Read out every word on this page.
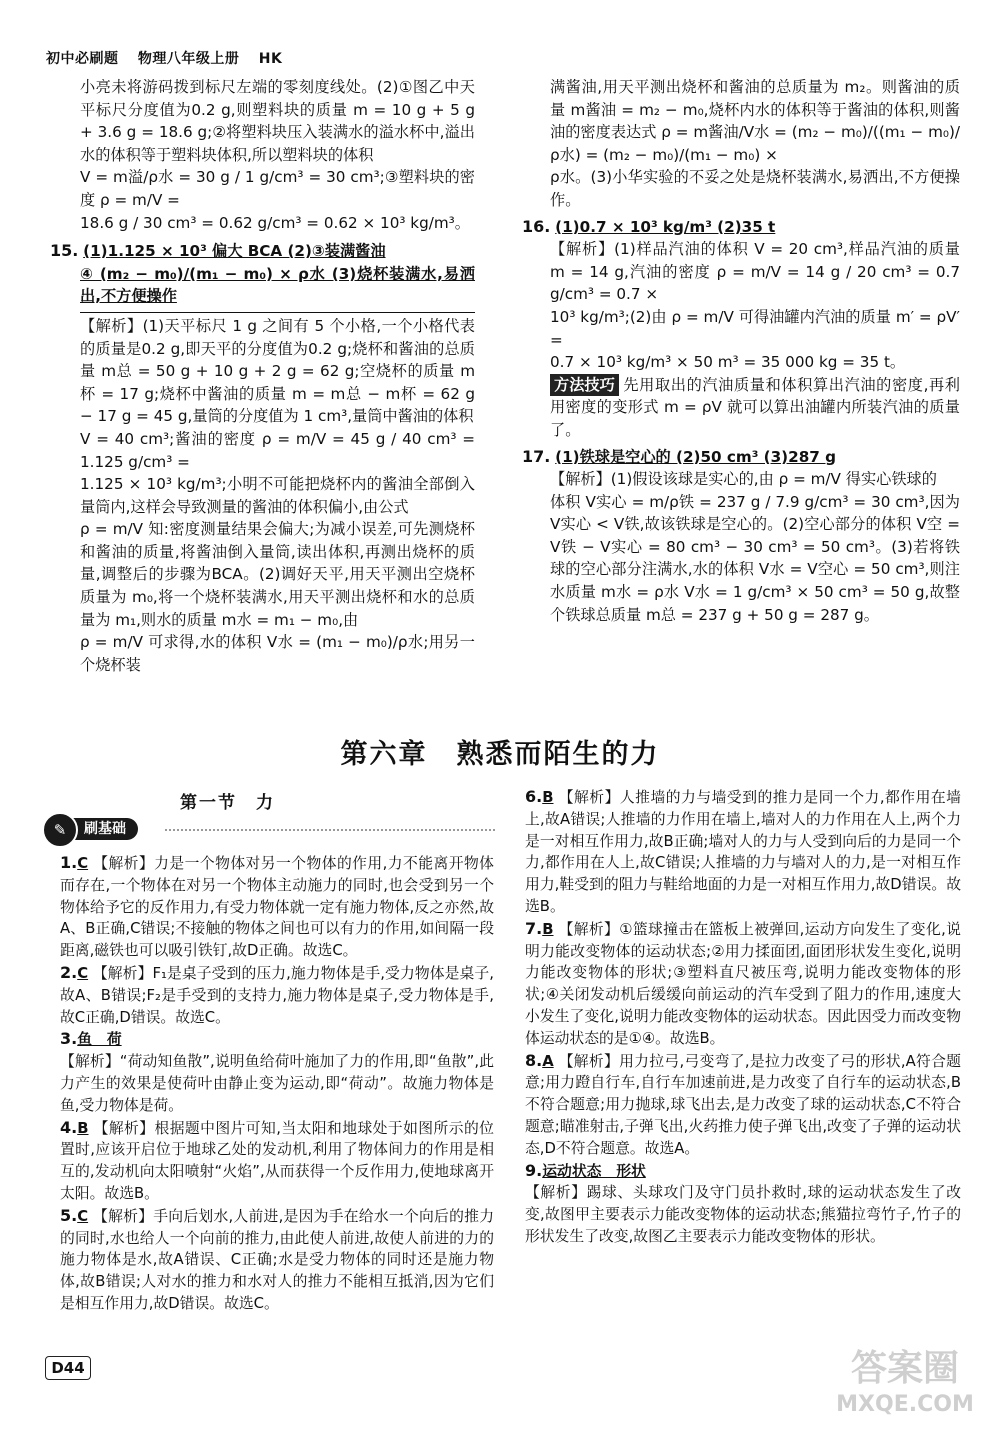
初中必刷题 物理八年级上册 HK

小亮未将游码拨到标尺左端的零刻度线处。(2)①图乙中天平标尺分度值为0.2 g,则塑料块的质量 m = 10 g + 5 g + 3.6 g = 18.6 g;②将塑料块压入装满水的溢水杯中,溢出水的体积等于塑料块体积,所以塑料块的体积

V = m溢/ρ水 = 30 g / 1 g/cm³ = 30 cm³;③塑料块的密度 ρ = m/V =

18.6 g / 30 cm³ = 0.62 g/cm³ = 0.62 × 10³ kg/m³。

15. (1)1.125 × 10³ 偏大 BCA (2)③装满酱油

④ (m₂ − m₀)/(m₁ − m₀) × ρ水 (3)烧杯装满水,易洒出,不方便操作

【解析】(1)天平标尺 1 g 之间有 5 个小格,一个小格代表的质量是0.2 g,即天平的分度值为0.2 g;烧杯和酱油的总质量 m总 = 50 g + 10 g + 2 g = 62 g;空烧杯的质量 m杯 = 17 g;烧杯中酱油的质量 m = m总 − m杯 = 62 g − 17 g = 45 g,量筒的分度值为 1 cm³,量筒中酱油的体积

V = 40 cm³;酱油的密度 ρ = m/V = 45 g / 40 cm³ = 1.125 g/cm³ =

1.125 × 10³ kg/m³;小明不可能把烧杯内的酱油全部倒入量筒内,这样会导致测量的酱油的体积偏小,由公式

ρ = m/V 知:密度测量结果会偏大;为减小误差,可先测烧杯和酱油的质量,将酱油倒入量筒,读出体积,再测出烧杯的质量,调整后的步骤为BCA。(2)调好天平,用天平测出空烧杯质量为 m₀,将一个烧杯装满水,用天平测出烧杯和水的总质量为 m₁,则水的质量 m水 = m₁ − m₀,由

ρ = m/V 可求得,水的体积 V水 = (m₁ − m₀)/ρ水;用另一个烧杯装

满酱油,用天平测出烧杯和酱油的总质量为 m₂。则酱油的质量 m酱油 = m₂ − m₀,烧杯内水的体积等于酱油的体积,则酱油的密度表达式 ρ = m酱油/V水 = (m₂ − m₀)/((m₁ − m₀)/ρ水) = (m₂ − m₀)/(m₁ − m₀) ×

ρ水。(3)小华实验的不妥之处是烧杯装满水,易洒出,不方便操作。

16. (1)0.7 × 10³ kg/m³ (2)35 t

【解析】(1)样品汽油的体积 V = 20 cm³,样品汽油的质量 m = 14 g,汽油的密度 ρ = m/V = 14 g / 20 cm³ = 0.7 g/cm³ = 0.7 ×

10³ kg/m³;(2)由 ρ = m/V 可得油罐内汽油的质量 m′ = ρV′ =

0.7 × 10³ kg/m³ × 50 m³ = 35 000 kg = 35 t。

方法技巧 先用取出的汽油质量和体积算出汽油的密度,再利用密度的变形式 m = ρV 就可以算出油罐内所装汽油的质量了。

17. (1)铁球是空心的 (2)50 cm³ (3)287 g

【解析】(1)假设该球是实心的,由 ρ = m/V 得实心铁球的

体积 V实心 = m/ρ铁 = 237 g / 7.9 g/cm³ = 30 cm³,因为 V实心 < V铁,故该铁球是空心的。(2)空心部分的体积 V空 = V铁 − V实心 = 80 cm³ − 30 cm³ = 50 cm³。(3)若将铁球的空心部分注满水,水的体积 V水 = V空心 = 50 cm³,则注水质量 m水 = ρ水 V水 = 1 g/cm³ × 50 cm³ = 50 g,故整个铁球总质量 m总 = 237 g + 50 g = 287 g。

第六章　熟悉而陌生的力
第一节　力
刷基础
✎

1.C 【解析】力是一个物体对另一个物体的作用,力不能离开物体而存在,一个物体在对另一个物体主动施力的同时,也会受到另一个物体给予它的反作用力,有受力物体就一定有施力物体,反之亦然,故A、B正确,C错误;不接触的物体之间也可以有力的作用,如间隔一段距离,磁铁也可以吸引铁钉,故D正确。故选C。

2.C 【解析】F₁是桌子受到的压力,施力物体是手,受力物体是桌子,故A、B错误;F₂是手受到的支持力,施力物体是桌子,受力物体是手,故C正确,D错误。故选C。

3.鱼　荷
【解析】“荷动知鱼散”,说明鱼给荷叶施加了力的作用,即“鱼散”,此力产生的效果是使荷叶由静止变为运动,即“荷动”。故施力物体是鱼,受力物体是荷。

4.B 【解析】根据题中图片可知,当太阳和地球处于如图所示的位置时,应该开启位于地球乙处的发动机,利用了物体间力的作用是相互的,发动机向太阳喷射“火焰”,从而获得一个反作用力,使地球离开太阳。故选B。

5.C 【解析】手向后划水,人前进,是因为手在给水一个向后的推力的同时,水也给人一个向前的推力,由此使人前进,故使人前进的力的施力物体是水,故A错误、C正确;水是受力物体的同时还是施力物体,故B错误;人对水的推力和水对人的推力不能相互抵消,因为它们是相互作用力,故D错误。故选C。

6.B 【解析】人推墙的力与墙受到的推力是同一个力,都作用在墙上,故A错误;人推墙的力作用在墙上,墙对人的力作用在人上,两个力是一对相互作用力,故B正确;墙对人的力与人受到向后的力是同一个力,都作用在人上,故C错误;人推墙的力与墙对人的力,是一对相互作用力,鞋受到的阻力与鞋给地面的力是一对相互作用力,故D错误。故选B。

7.B 【解析】①篮球撞击在篮板上被弹回,运动方向发生了变化,说明力能改变物体的运动状态;②用力揉面团,面团形状发生变化,说明力能改变物体的形状;③塑料直尺被压弯,说明力能改变物体的形状;④关闭发动机后缓缓向前运动的汽车受到了阻力的作用,速度大小发生了变化,说明力能改变物体的运动状态。因此因受力而改变物体运动状态的是①④。故选B。

8.A 【解析】用力拉弓,弓变弯了,是拉力改变了弓的形状,A符合题意;用力蹬自行车,自行车加速前进,是力改变了自行车的运动状态,B不符合题意;用力抛球,球飞出去,是力改变了球的运动状态,C不符合题意;瞄准射击,子弹飞出,火药推力使子弹飞出,改变了子弹的运动状态,D不符合题意。故选A。

9.运动状态　形状
【解析】踢球、头球攻门及守门员扑救时,球的运动状态发生了改变,故图甲主要表示力能改变物体的运动状态;熊猫拉弯竹子,竹子的形状发生了改变,故图乙主要表示力能改变物体的形状。

D44	答案圈
MXQE.COM
